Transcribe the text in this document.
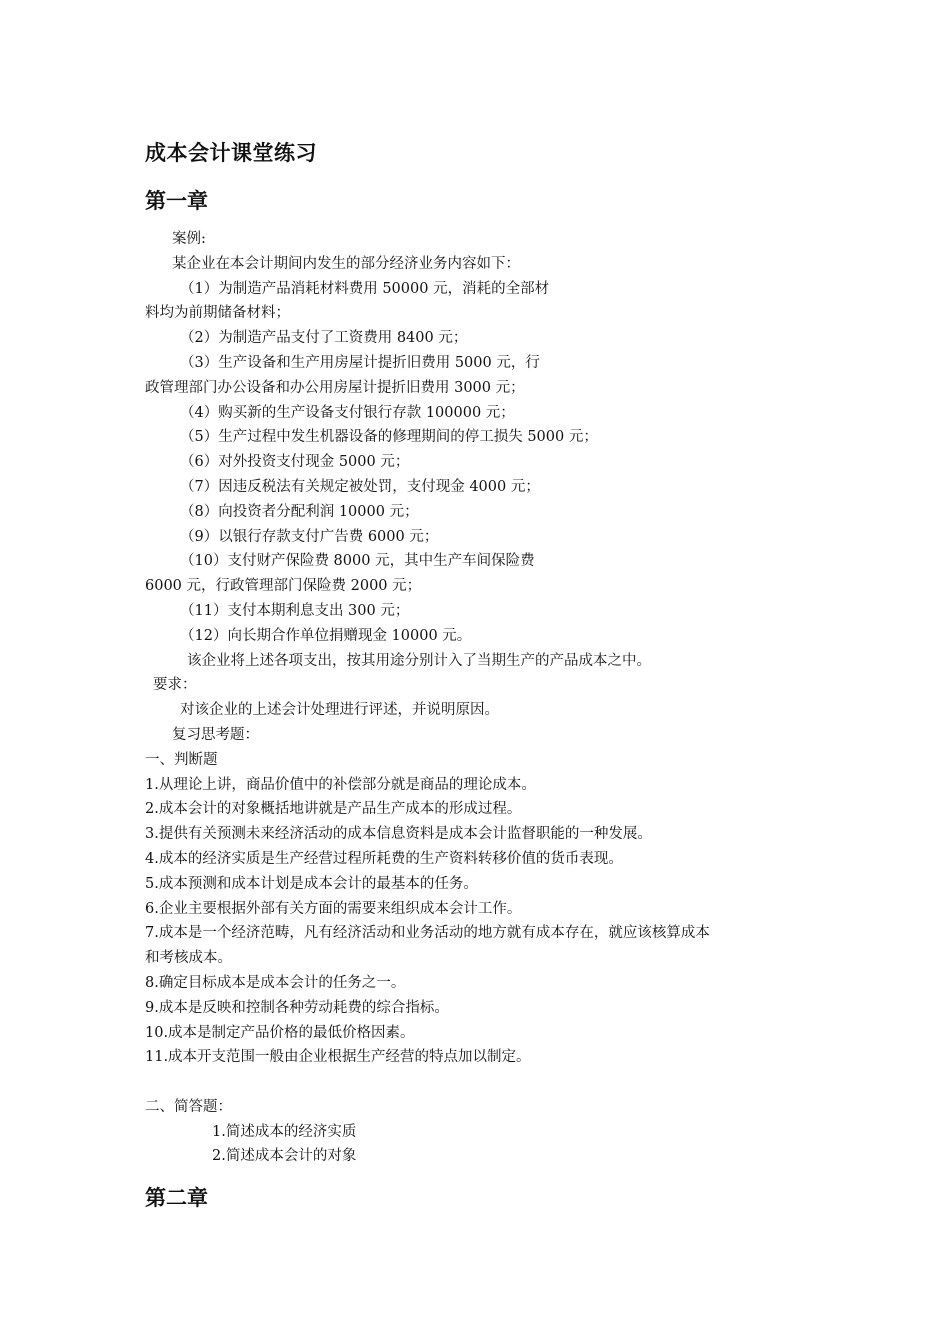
成本会计课堂练习
第一章
案例:
某企业在本会计期间内发生的部分经济业务内容如下：
（1）为制造产品消耗材料费用 50000 元，消耗的全部材
料均为前期储备材料；
（2）为制造产品支付了工资费用 8400 元；
（3）生产设备和生产用房屋计提折旧费用 5000 元，行
政管理部门办公设备和办公用房屋计提折旧费用 3000 元；
（4）购买新的生产设备支付银行存款 100000 元；
（5）生产过程中发生机器设备的修理期间的停工损失 5000 元；
（6）对外投资支付现金 5000 元；
（7）因违反税法有关规定被处罚，支付现金 4000 元；
（8）向投资者分配利润 10000 元；
（9）以银行存款支付广告费 6000 元；
（10）支付财产保险费 8000 元，其中生产车间保险费
6000 元，行政管理部门保险费 2000 元；
（11）支付本期利息支出 300 元；
（12）向长期合作单位捐赠现金 10000 元。
该企业将上述各项支出，按其用途分别计入了当期生产的产品成本之中。
要求：
对该企业的上述会计处理进行评述，并说明原因。
复习思考题：
一、判断题
1.从理论上讲，商品价值中的补偿部分就是商品的理论成本。
2.成本会计的对象概括地讲就是产品生产成本的形成过程。
3.提供有关预测未来经济活动的成本信息资料是成本会计监督职能的一种发展。
4.成本的经济实质是生产经营过程所耗费的生产资料转移价值的货币表现。
5.成本预测和成本计划是成本会计的最基本的任务。
6.企业主要根据外部有关方面的需要来组织成本会计工作。
7.成本是一个经济范畴，凡有经济活动和业务活动的地方就有成本存在，就应该核算成本
和考核成本。
8.确定目标成本是成本会计的任务之一。
9.成本是反映和控制各种劳动耗费的综合指标。
10.成本是制定产品价格的最低价格因素。
11.成本开支范围一般由企业根据生产经营的特点加以制定。
二、简答题：
1.简述成本的经济实质
2.简述成本会计的对象
第二章
